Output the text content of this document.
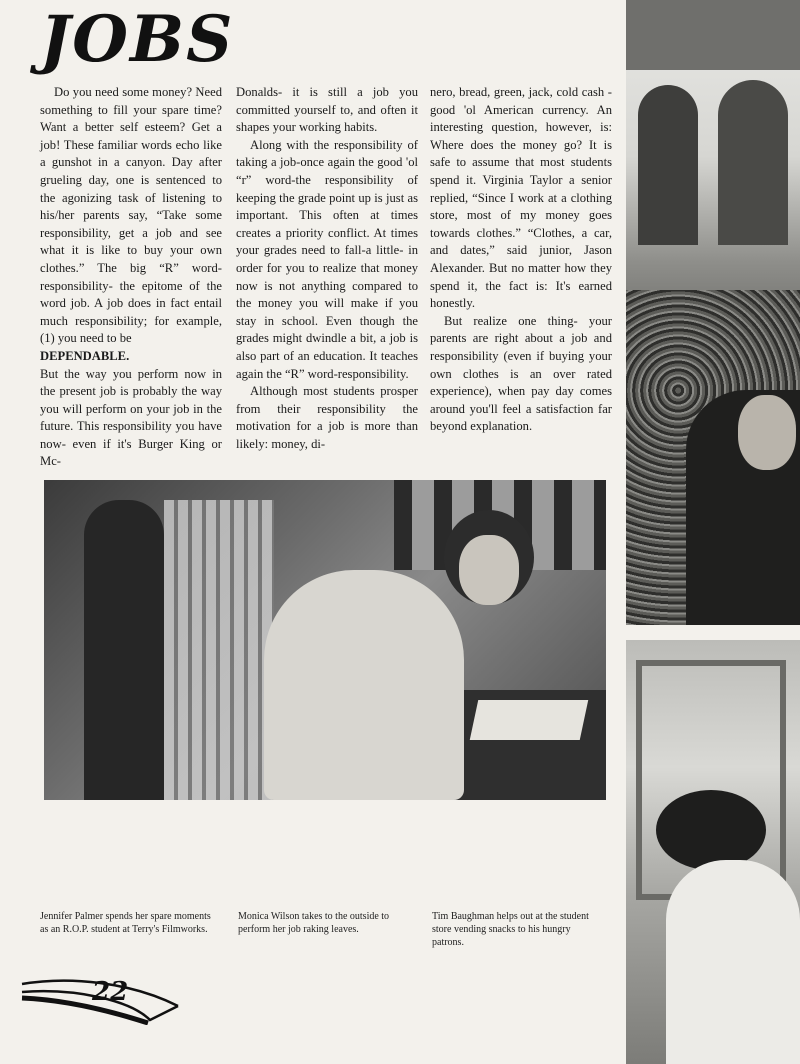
JOBS

Do you need some money? Need something to fill your spare time? Want a better self esteem? Get a job! These familiar words echo like a gunshot in a canyon. Day after grueling day, one is sentenced to the agonizing task of listening to his/her parents say, “Take some responsibility, get a job and see what it is like to buy your own clothes.” The big “R” word-responsibility- the epitome of the word job. A job does in fact entail much responsibility; for example, (1) you need to be

DEPENDABLE.

But the way you perform now in the present job is probably the way you will perform on your job in the future. This responsibility you have now- even if it's Burger King or Mc-

Donalds- it is still a job you committed yourself to, and often it shapes your working habits.

Along with the responsibility of taking a job-once again the good 'ol “r” word-the responsibility of keeping the grade point up is just as important. This often at times creates a priority conflict. At times your grades need to fall-a little- in order for you to realize that money now is not anything compared to the money you will make if you stay in school. Even though the grades might dwindle a bit, a job is also part of an education. It teaches again the “R” word-responsibility.

Although most students prosper from their responsibility the motivation for a job is more than likely: money, di-

nero, bread, green, jack, cold cash - good 'ol American currency. An interesting question, however, is: Where does the money go? It is safe to assume that most students spend it. Virginia Taylor a senior replied, “Since I work at a clothing store, most of my money goes towards clothes.” “Clothes, a car, and dates,” said junior, Jason Alexander. But no matter how they spend it, the fact is: It's earned honestly.

But realize one thing- your parents are right about a job and responsibility (even if buying your own clothes is an over rated experience), when pay day comes around you'll feel a satisfaction far beyond explanation.

Jennifer Palmer spends her spare moments as an R.O.P. student at Terry's Filmworks.

Monica Wilson takes to the outside to perform her job raking leaves.

Tim Baughman helps out at the student store vending snacks to his hungry patrons.

22
